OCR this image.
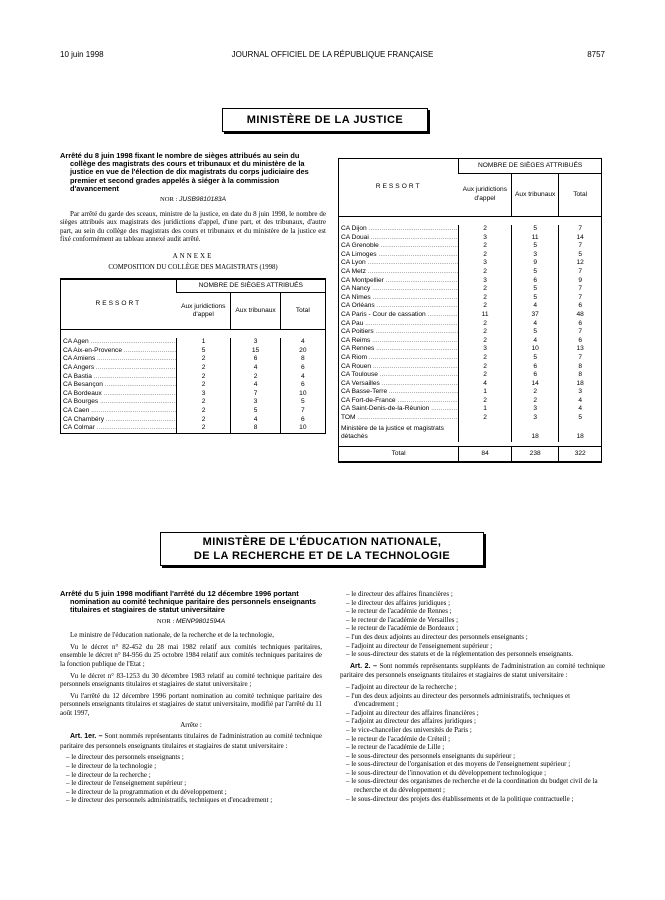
10 juin 1998	JOURNAL OFFICIEL DE LA RÉPUBLIQUE FRANÇAISE	8757
MINISTÈRE DE LA JUSTICE
Arrêté du 8 juin 1998 fixant le nombre de sièges attribués au sein du collège des magistrats des cours et tribunaux et du ministère de la justice en vue de l'élection de dix magistrats du corps judiciaire des premier et second grades appelés à siéger à la commission d'avancement
NOR : JUSB9810183A
Par arrêté du garde des sceaux, ministre de la justice, en date du 8 juin 1998, le nombre de sièges attribués aux magistrats des juridictions d'appel, d'une part, et des tribunaux, d'autre part, au sein du collège des magistrats des cours et tribunaux et du ministère de la justice est fixé conformément au tableau annexé audit arrêté.
ANNEXE
COMPOSITION DU COLLÈGE DES MAGISTRATS (1998)
RESSORT	NOMBRE DE SIÈGES ATTRIBUÉS		
	Aux juridictions d'appel	Aux tribunaux	Total

CA Agen .....	1	3	4
CA Aix-en-Provence .....	5	15	20
CA Amiens .....	2	6	8
CA Angers .....	2	4	6
CA Bastia .....	2	2	4
CA Besançon .....	2	4	6
CA Bordeaux .....	3	7	10
CA Bourges .....	2	3	5
CA Caen .....	2	5	7
CA Chambéry .....	2	4	6
CA Colmar .....	2	8	10
RESSORT	NOMBRE DE SIÈGES ATTRIBUÉS		
	Aux juridictions d'appel	Aux tribunaux	Total

CA Dijon .....	2	5	7
CA Douai .....	3	11	14
CA Grenoble .....	2	5	7
CA Limoges .....	2	3	5
CA Lyon .....	3	9	12
CA Metz .....	2	5	7
CA Montpellier .....	3	6	9
CA Nancy .....	2	5	7
CA Nîmes .....	2	5	7
CA Orléans .....	2	4	6
CA Paris - Cour de cassation .....	11	37	48
CA Pau .....	2	4	6
CA Poitiers .....	2	5	7
CA Reims .....	2	4	6
CA Rennes .....	3	10	13
CA Riom .....	2	5	7
CA Rouen .....	2	6	8
CA Toulouse .....	2	6	8
CA Versailles .....	4	14	18
CA Basse-Terre .....	1	2	3
CA Fort-de-France .....	2	2	4
CA Saint-Denis-de-la-Réunion .....	1	3	4
TOM .....	2	3	5
Ministère de la justice et magistrats détachés		18	18

Total	84	238	322
MINISTÈRE DE L'ÉDUCATION NATIONALE,
DE LA RECHERCHE ET DE LA TECHNOLOGIE
Arrêté du 5 juin 1998 modifiant l'arrêté du 12 décembre 1996 portant nomination au comité technique paritaire des personnels enseignants titulaires et stagiaires de statut universitaire
NOR : MENP9801594A
Le ministre de l'éducation nationale, de la recherche et de la technologie,
Vu le décret n° 82-452 du 28 mai 1982 relatif aux comités techniques paritaires, ensemble le décret n° 84-956 du 25 octobre 1984 relatif aux comités techniques paritaires de la fonction publique de l'Etat ;
Vu le décret n° 83-1253 du 30 décembre 1983 relatif au comité technique paritaire des personnels enseignants titulaires et stagiaires de statut universitaire ;
Vu l'arrêté du 12 décembre 1996 portant nomination au comité technique paritaire des personnels enseignants titulaires et stagiaires de statut universitaire, modifié par l'arrêté du 11 août 1997,
Arrête :
Art. 1er. – Sont nommés représentants titulaires de l'administration au comité technique paritaire des personnels enseignants titulaires et stagiaires de statut universitaire :
– le directeur des personnels enseignants ;
– le directeur de la technologie ;
– le directeur de la recherche ;
– le directeur de l'enseignement supérieur ;
– le directeur de la programmation et du développement ;
– le directeur des personnels administratifs, techniques et d'encadrement ;
– le directeur des affaires financières ;
– le directeur des affaires juridiques ;
– le recteur de l'académie de Rennes ;
– le recteur de l'académie de Versailles ;
– le recteur de l'académie de Bordeaux ;
– l'un des deux adjoints au directeur des personnels enseignants ;
– l'adjoint au directeur de l'enseignement supérieur ;
– le sous-directeur des statuts et de la réglementation des personnels enseignants.
Art. 2. – Sont nommés représentants suppléants de l'administration au comité technique paritaire des personnels enseignants titulaires et stagiaires de statut universitaire :
– l'adjoint au directeur de la recherche ;
– l'un des deux adjoints au directeur des personnels administratifs, techniques et d'encadrement ;
– l'adjoint au directeur des affaires financières ;
– l'adjoint au directeur des affaires juridiques ;
– le vice-chancelier des universités de Paris ;
– le recteur de l'académie de Créteil ;
– le recteur de l'académie de Lille ;
– le sous-directeur des personnels enseignants du supérieur ;
– le sous-directeur de l'organisation et des moyens de l'enseignement supérieur ;
– le sous-directeur de l'innovation et du développement technologique ;
– le sous-directeur des organismes de recherche et de la coordination du budget civil de la recherche et du développement ;
– le sous-directeur des projets des établissements et de la politique contractuelle ;
